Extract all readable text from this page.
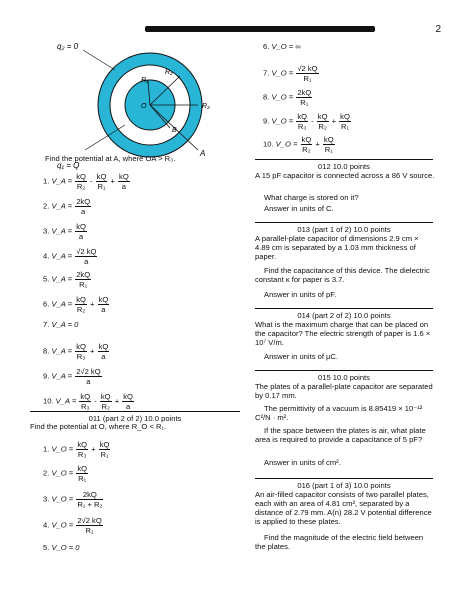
2
q₂ = 0
q₁ = Q
R₁
R₂
R₃
O
B
A
Find the potential at A, where OA > R₃.
1. V_A = $\frac{kQ}{\text{R₂}} - \frac{kQ}{\text{R₁}} + \frac{kQ}{a}$
2. V_A = $\frac{2kQ}{a}$
3. V_A = $\frac{kQ}{a}$
4. V_A = $\frac{√2 kQ}{a}$
5. V_A = $\frac{2kQ}{\text{R₁}}$
6. V_A = $\frac{kQ}{\text{R₂}} + \frac{kQ}{a}$
7. V_A = 0
8. V_A = $\frac{kQ}{\text{R₃}} + \frac{kQ}{a}$
9. V_A = $\frac{2√2 kQ}{a}$
10. V_A = $\frac{kQ}{\text{R₃}} - \frac{kQ}{\text{R₂}} + \frac{kQ}{a}$
011 (part 2 of 2) 10.0 points
Find the potential at O, where R_O < R₁.
1. V_O = $\frac{kQ}{\text{R₃}} + \frac{kQ}{\text{R₁}}$
2. V_O = $\frac{kQ}{\text{R₁}}$
3. V_O = $\frac{2kQ}{\text{R₁ + R₂}}$
4. V_O = $\frac{2√2 kQ}{\text{R₁}}$
5. V_O = 0
6. V_O = ∞
7. V_O = $\frac{√2 kQ}{\text{R₁}}$
8. V_O = $\frac{2kQ}{\text{R₁}}$
9. V_O = $\frac{kQ}{\text{R₃}} - \frac{kQ}{\text{R₂}} + \frac{kQ}{\text{R₁}}$
10. V_O = $\frac{kQ}{\text{R₂}} + \frac{kQ}{\text{R₁}}$
012 10.0 points
A 15 pF capacitor is connected across a 86 V source.
What charge is stored on it?
Answer in units of C.
013 (part 1 of 2) 10.0 points
A parallel-plate capacitor of dimensions 2.9 cm × 4.89 cm is separated by a 1.03 mm thickness of paper.
Find the capacitance of this device. The dielectric constant κ for paper is 3.7.
Answer in units of pF.
014 (part 2 of 2) 10.0 points
What is the maximum charge that can be placed on the capacitor? The electric strength of paper is 1.6 × 10⁷ V/m.
Answer in units of μC.
015 10.0 points
The plates of a parallel-plate capacitor are separated by 0.17 mm.
The permittivity of a vacuum is 8.85419 × 10⁻¹² C²/N · m².
If the space between the plates is air, what plate area is required to provide a capacitance of 5 pF?
Answer in units of cm².
016 (part 1 of 3) 10.0 points
An air-filled capacitor consists of two parallel plates, each with an area of 4.81 cm², separated by a distance of 2.79 mm. A(n) 28.2 V potential difference is applied to these plates.
Find the magnitude of the electric field between the plates.
